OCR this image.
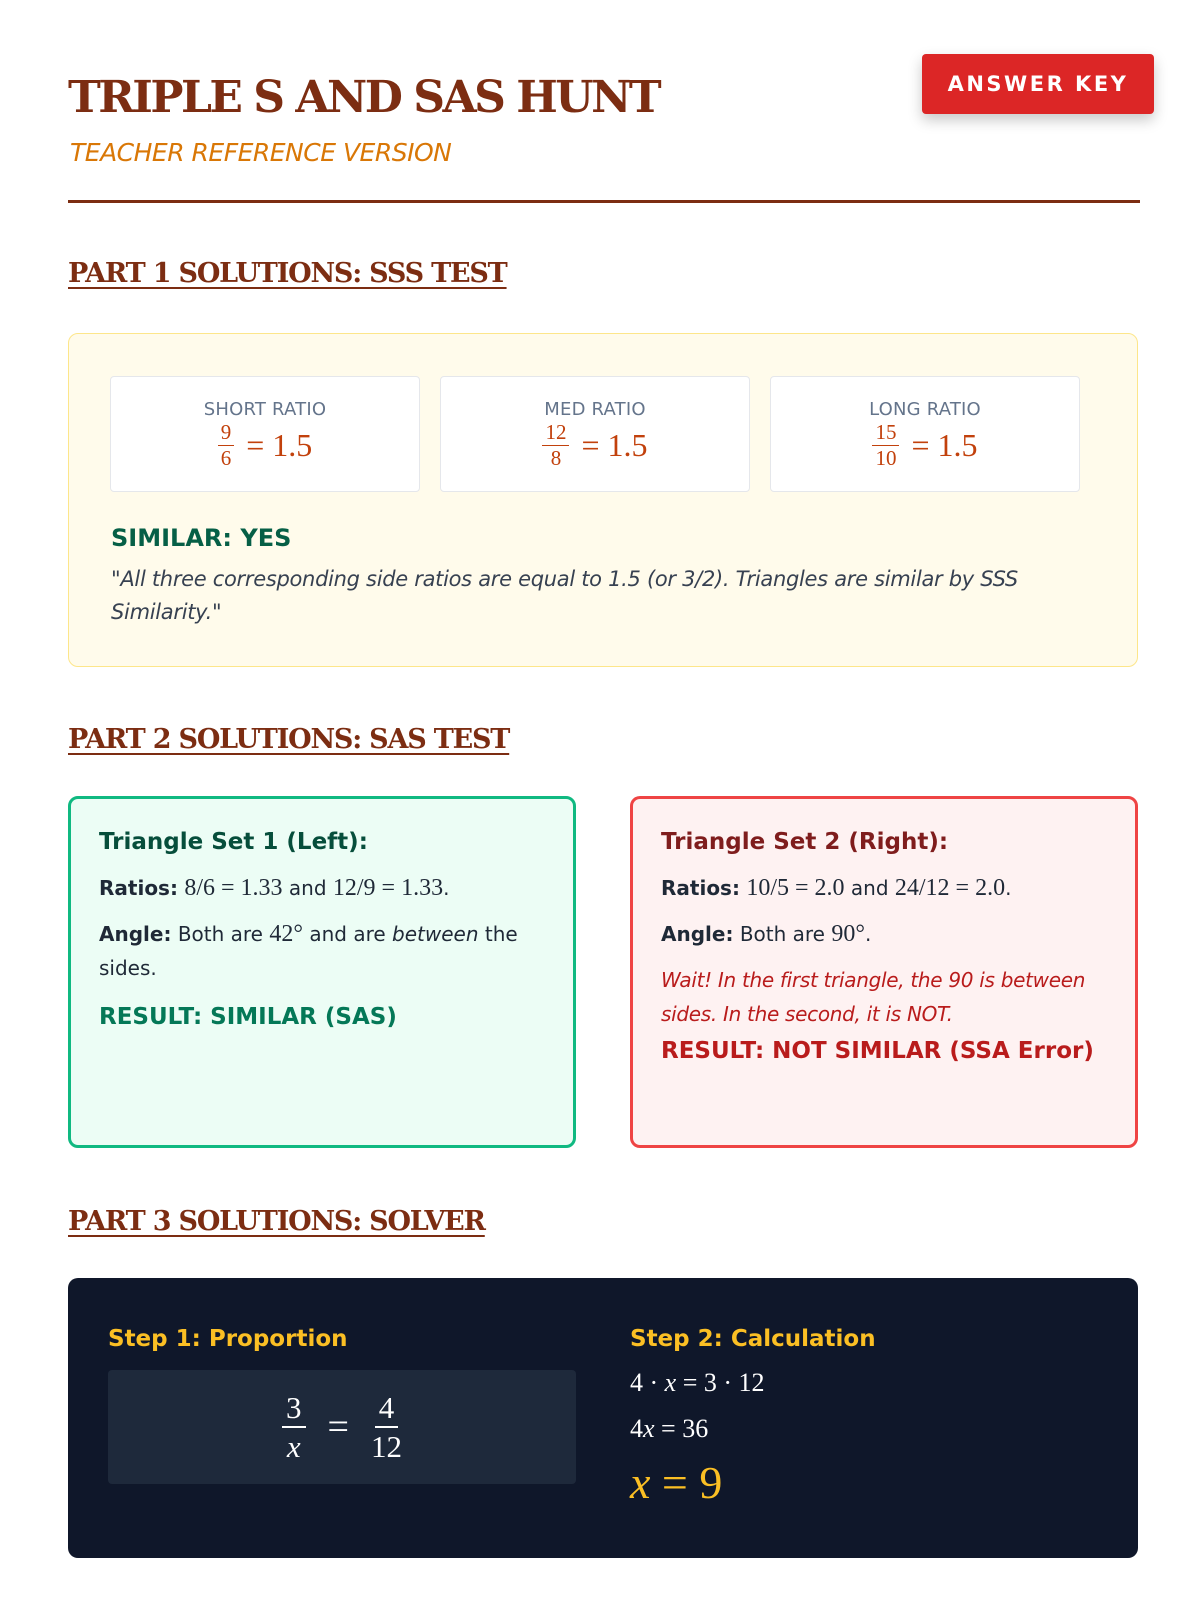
TRIPLE S AND SAS HUNT
TEACHER REFERENCE VERSION
ANSWER KEY
PART 1 SOLUTIONS: SSS TEST
SHORT RATIO
$\frac{9}{6} = 1.5$
MED RATIO
$\frac{12}{8} = 1.5$
LONG RATIO
$\frac{15}{10} = 1.5$
SIMILAR: YES

"All three corresponding side ratios are equal to 1.5 (or 3/2). Triangles are similar by SSS Similarity."

PART 2 SOLUTIONS: SAS TEST

Triangle Set 1 (Left):

Ratios: 8/6 = 1.33 and 12/9 = 1.33.

Angle: Both are 42° and are between the sides.

RESULT: SIMILAR (SAS)

Triangle Set 2 (Right):

Ratios: 10/5 = 2.0 and 24/12 = 2.0.

Angle: Both are 90°.

Wait! In the first triangle, the 90 is between sides. In the second, it is NOT.

RESULT: NOT SIMILAR (SSA Error)

PART 3 SOLUTIONS: SOLVER
Step 1: Proportion
$\frac{3}{x} = \frac{4}{12}$
Step 2: Calculation
4 · x = 3 · 12
4x = 36
x = 9
